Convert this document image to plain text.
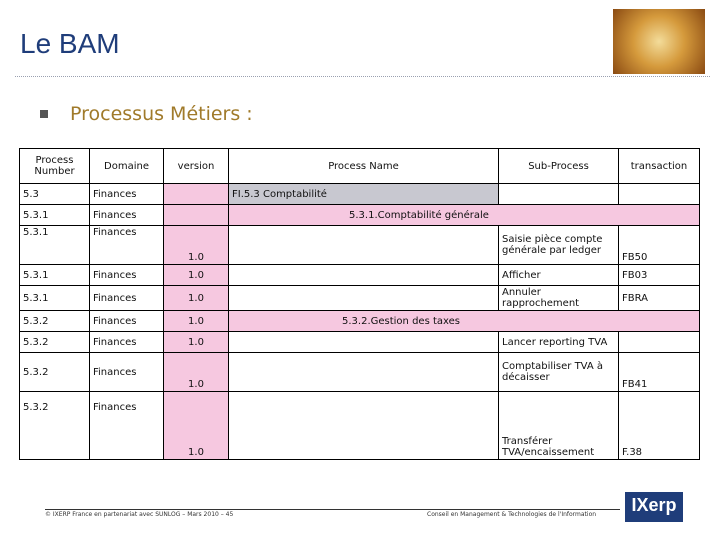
Le BAM
Processus Métiers :
Process Number	Domaine	version	Process Name	Sub-Process	transaction
5.3	Finances		FI.5.3 Comptabilité		
5.3.1	Finances		5.3.1.Comptabilité générale		
5.3.1	Finances	1.0		Saisie pièce compte générale par ledger	FB50
5.3.1	Finances	1.0		Afficher	FB03
5.3.1	Finances	1.0		Annuler rapprochement	FBRA
5.3.2	Finances	1.0	5.3.2.Gestion des taxes		
5.3.2	Finances	1.0		Lancer reporting TVA	
5.3.2	Finances	1.0		Comptabiliser TVA à décaisser	FB41
5.3.2	Finances	1.0		Transférer TVA/encaissement	F.38
© IXERP France en partenariat avec SUNLOG – Mars 2010 – 45	Conseil en Management & Technologies de l'Information	IXerp
